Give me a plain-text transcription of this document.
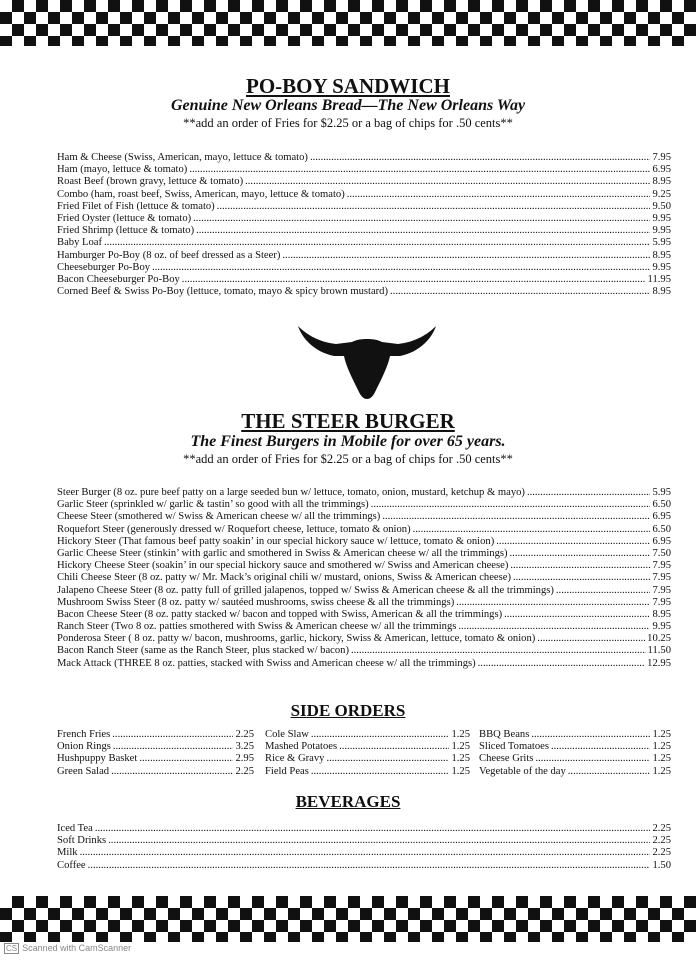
PO-BOY SANDWICH
Genuine New Orleans Bread—The New Orleans Way
**add an order of Fries for $2.25 or a bag of chips for .50 cents**
Ham & Cheese (Swiss, American, mayo, lettuce & tomato) .....	7.95
Ham (mayo, lettuce & tomato) .....	6.95
Roast Beef (brown gravy, lettuce & tomato) .....	8.95
Combo (ham, roast beef, Swiss, American, mayo, lettuce & tomato) .....	9.25
Fried Filet of Fish (lettuce & tomato) .....	9.50
Fried Oyster (lettuce & tomato) .....	9.95
Fried Shrimp (lettuce & tomato) .....	9.95
Baby Loaf .....	5.95
Hamburger Po-Boy (8 oz. of beef dressed as a Steer) .....	8.95
Cheeseburger Po-Boy .....	9.95
Bacon Cheeseburger Po-Boy .....	11.95
Corned Beef & Swiss Po-Boy (lettuce, tomato, mayo & spicy brown mustard) .....	8.95
THE STEER BURGER
The Finest Burgers in Mobile for over 65 years.
**add an order of Fries for $2.25 or a bag of chips for .50 cents**
Steer Burger (8 oz. pure beef patty on a large seeded bun w/ lettuce, tomato, onion, mustard, ketchup & mayo) .....	5.95
Garlic Steer (sprinkled w/ garlic & tastin’ so good with all the trimmings) .....	6.50
Cheese Steer (smothered w/ Swiss & American cheese w/ all the trimmings) .....	6.95
Roquefort Steer (generously dressed w/ Roquefort cheese, lettuce, tomato & onion) .....	6.50
Hickory Steer (That famous beef patty soakin’ in our special hickory sauce w/ lettuce, tomato & onion) .....	6.95
Garlic Cheese Steer (stinkin’ with garlic and smothered in Swiss & American cheese w/ all the trimmings) .....	7.50
Hickory Cheese Steer (soakin’ in our special hickory sauce and smothered w/ Swiss and American cheese) .....	7.95
Chili Cheese Steer (8 oz. patty w/ Mr. Mack’s original chili w/ mustard, onions, Swiss & American cheese) .....	7.95
Jalapeno Cheese Steer (8 oz. patty full of grilled jalapenos, topped w/ Swiss & American cheese & all the trimmings) .....	7.95
Mushroom Swiss Steer (8 oz. patty w/ sautéed mushrooms, swiss cheese & all the trimmings) .....	7.95
Bacon Cheese Steer (8 oz. patty stacked w/ bacon and topped with Swiss, American & all the trimmings) .....	8.95
Ranch Steer (Two 8 oz. patties smothered with Swiss & American cheese w/ all the trimmings .....	9.95
Ponderosa Steer ( 8 oz. patty w/ bacon, mushrooms, garlic, hickory, Swiss & American, lettuce, tomato & onion) .....	10.25
Bacon Ranch Steer (same as the Ranch Steer, plus stacked w/ bacon) .....	11.50
Mack Attack (THREE 8 oz. patties, stacked with Swiss and American cheese w/ all the trimmings) .....	12.95
SIDE ORDERS
French Fries .....	2.25
Onion Rings .....	3.25
Hushpuppy Basket .....	2.95
Green Salad .....	2.25
Cole Slaw .....	1.25
Mashed Potatoes .....	1.25
Rice & Gravy .....	1.25
Field Peas .....	1.25
BBQ Beans .....	1.25
Sliced Tomatoes .....	1.25
Cheese Grits .....	1.25
Vegetable of the day .....	1.25
BEVERAGES
Iced Tea .....	2.25
Soft Drinks .....	2.25
Milk .....	2.25
Coffee .....	1.50
CS Scanned with CamScanner
